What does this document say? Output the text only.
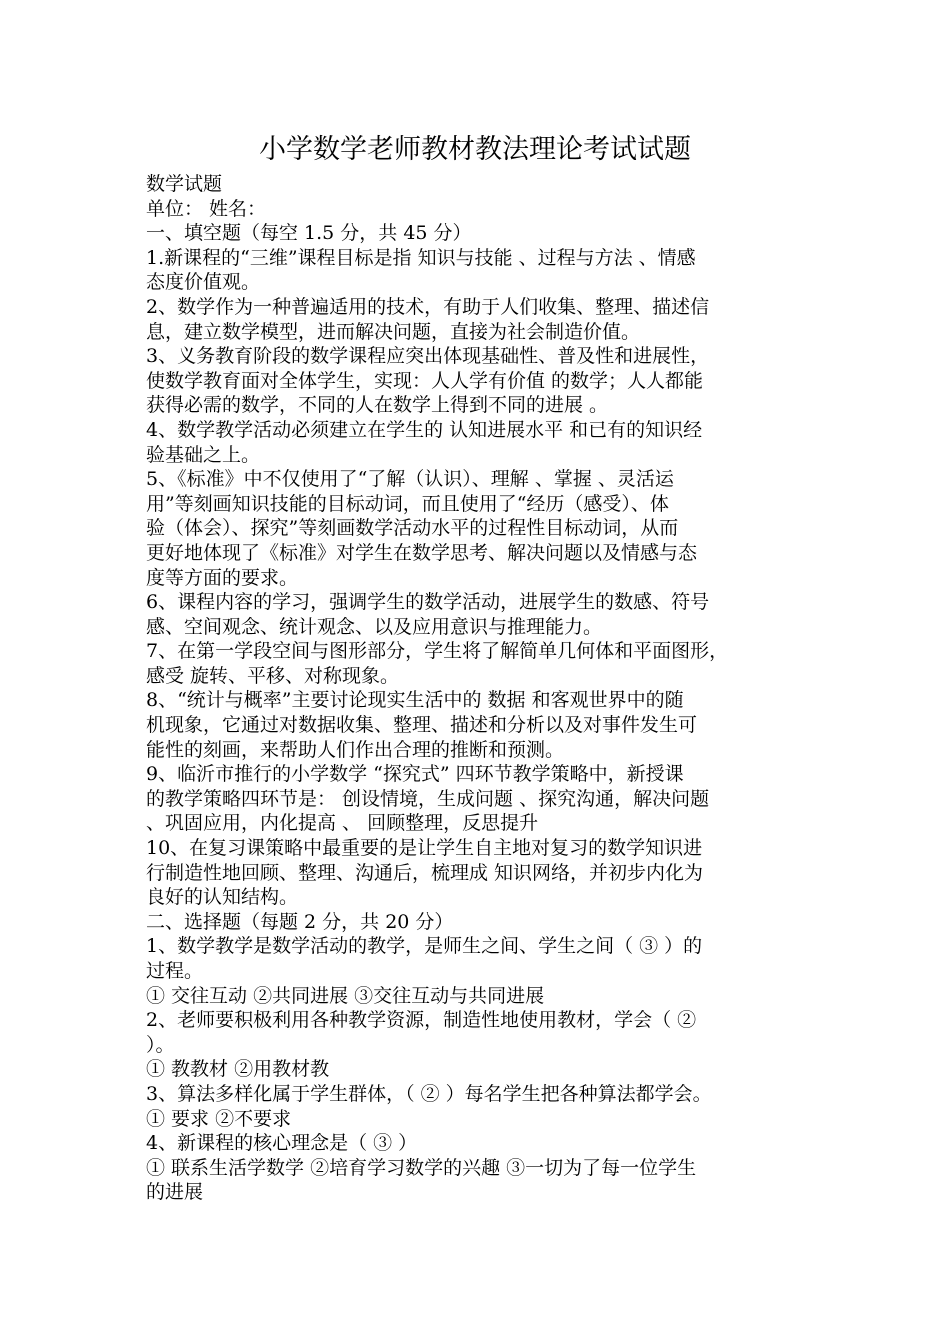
小学数学老师教材教法理论考试试题
数学试题
单位： 姓名：
一、填空题（每空 1.5 分，共 45 分）
1.新课程的“三维”课程目标是指 知识与技能 、过程与方法 、情感
态度价值观。
2、数学作为一种普遍适用的技术，有助于人们收集、整理、描述信
息，建立数学模型，进而解决问题，直接为社会制造价值。
3、义务教育阶段的数学课程应突出体现基础性、普及性和进展性，
使数学教育面对全体学生，实现：人人学有价值 的数学；人人都能
获得必需的数学，不同的人在数学上得到不同的进展 。
4、数学教学活动必须建立在学生的 认知进展水平 和已有的知识经
验基础之上。
5、《标准》中不仅使用了“了解（认识）、理解 、掌握 、灵活运
用”等刻画知识技能的目标动词，而且使用了“经历（感受）、体
验（体会）、探究”等刻画数学活动水平的过程性目标动词，从而
更好地体现了《标准》对学生在数学思考、解决问题以及情感与态
度等方面的要求。
6、课程内容的学习，强调学生的数学活动，进展学生的数感、符号
感、空间观念、统计观念、以及应用意识与推理能力。
7、在第一学段空间与图形部分，学生将了解简单几何体和平面图形，
感受 旋转、平移、对称现象。
8、“统计与概率”主要讨论现实生活中的 数据 和客观世界中的随
机现象，它通过对数据收集、整理、描述和分析以及对事件发生可
能性的刻画，来帮助人们作出合理的推断和预测。
9、临沂市推行的小学数学 “探究式” 四环节教学策略中，新授课
的教学策略四环节是： 创设情境，生成问题 、探究沟通，解决问题
、巩固应用，内化提高 、 回顾整理，反思提升
10、在复习课策略中最重要的是让学生自主地对复习的数学知识进
行制造性地回顾、整理、沟通后，梳理成 知识网络，并初步内化为
良好的认知结构。
二、选择题（每题 2 分，共 20 分）
1、数学教学是数学活动的教学，是师生之间、学生之间（ ③ ）的
过程。
① 交往互动 ②共同进展 ③交往互动与共同进展
2、老师要积极利用各种教学资源，制造性地使用教材，学会（ ②
）。
① 教教材 ②用教材教
3、算法多样化属于学生群体，（ ② ）每名学生把各种算法都学会。
① 要求 ②不要求
4、新课程的核心理念是（ ③ ）
① 联系生活学数学 ②培育学习数学的兴趣 ③一切为了每一位学生
的进展
